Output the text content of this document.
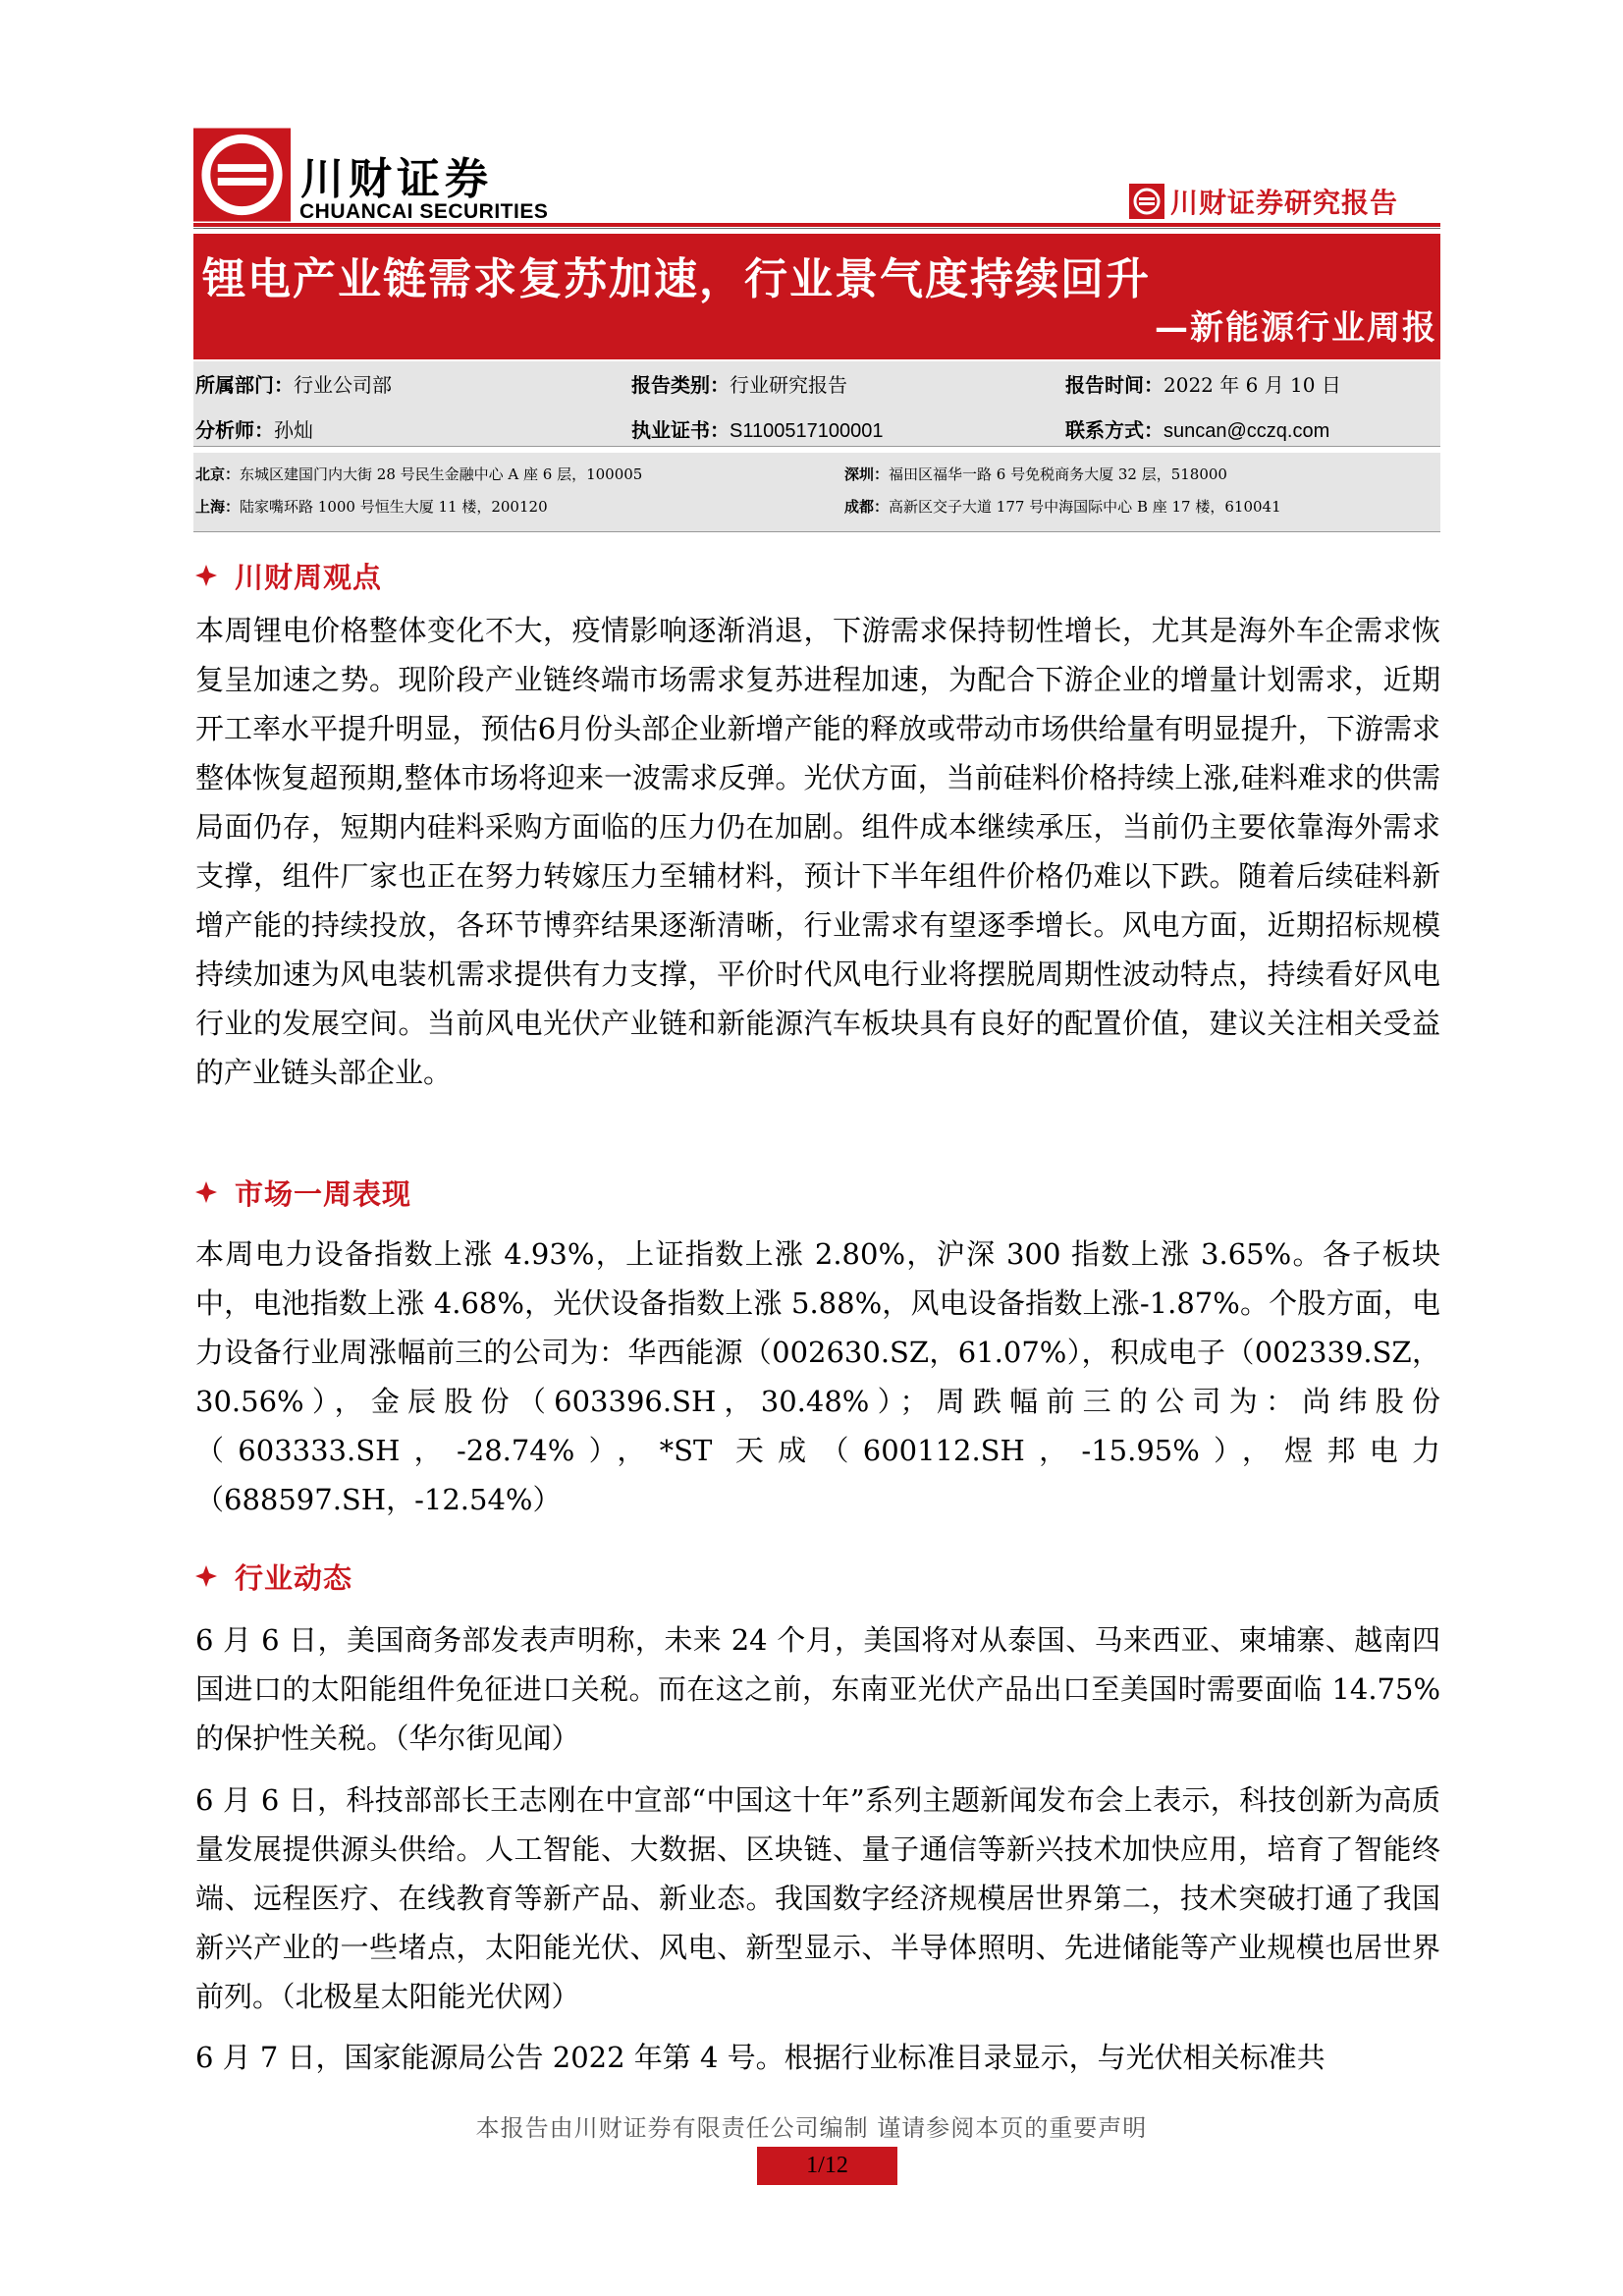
川财证券
CHUANCAI SECURITIES	川财证券研究报告
锂电产业链需求复苏加速，行业景气度持续回升
—新能源行业周报
所属部门：行业公司部	报告类别：行业研究报告	报告时间：2022 年 6 月 10 日
分析师：孙灿	执业证书：S1100517100001	联系方式：suncan@cczq.com
北京：东城区建国门内大街 28 号民生金融中心 A 座 6 层，100005	深圳：福田区福华一路 6 号免税商务大厦 32 层，518000
上海：陆家嘴环路 1000 号恒生大厦 11 楼，200120	成都：高新区交子大道 177 号中海国际中心 B 座 17 楼，610041
川财周观点

本周锂电价格整体变化不大，疫情影响逐渐消退，下游需求保持韧性增长，尤其是海外车企需求恢复呈加速之势。现阶段产业链终端市场需求复苏进程加速，为配合下游企业的增量计划需求，近期开工率水平提升明显，预估6月份头部企业新增产能的释放或带动市场供给量有明显提升，下游需求整体恢复超预期,整体市场将迎来一波需求反弹。光伏方面，当前硅料价格持续上涨,硅料难求的供需局面仍存，短期内硅料采购方面临的压力仍在加剧。组件成本继续承压，当前仍主要依靠海外需求支撑，组件厂家也正在努力转嫁压力至辅材料，预计下半年组件价格仍难以下跌。随着后续硅料新增产能的持续投放，各环节博弈结果逐渐清晰，行业需求有望逐季增长。风电方面，近期招标规模持续加速为风电装机需求提供有力支撑，平价时代风电行业将摆脱周期性波动特点，持续看好风电行业的发展空间。当前风电光伏产业链和新能源汽车板块具有良好的配置价值，建议关注相关受益的产业链头部企业。

市场一周表现

本周电力设备指数上涨 4.93%，上证指数上涨 2.80%，沪深 300 指数上涨 3.65%。各子板块中，电池指数上涨 4.68%，光伏设备指数上涨 5.88%，风电设备指数上涨-1.87%。个股方面，电力设备行业周涨幅前三的公司为：华西能源（002630.SZ，61.07%），积成电子（002339.SZ，30.56%），金辰股份（603396.SH，30.48%）；周跌幅前三的公司为：尚纬股份（603333.SH，-28.74%），*ST 天成（600112.SH，-15.95%），煜邦电力（688597.SH，-12.54%）

行业动态

6 月 6 日，美国商务部发表声明称，未来 24 个月，美国将对从泰国、马来西亚、柬埔寨、越南四国进口的太阳能组件免征进口关税。而在这之前，东南亚光伏产品出口至美国时需要面临 14.75%的保护性关税。（华尔街见闻）

6 月 6 日，科技部部长王志刚在中宣部“中国这十年”系列主题新闻发布会上表示，科技创新为高质量发展提供源头供给。人工智能、大数据、区块链、量子通信等新兴技术加快应用，培育了智能终端、远程医疗、在线教育等新产品、新业态。我国数字经济规模居世界第二，技术突破打通了我国新兴产业的一些堵点，太阳能光伏、风电、新型显示、半导体照明、先进储能等产业规模也居世界前列。（北极星太阳能光伏网）

6 月 7 日，国家能源局公告 2022 年第 4 号。根据行业标准目录显示，与光伏相关标准共

本报告由川财证券有限责任公司编制 谨请参阅本页的重要声明
1/12
